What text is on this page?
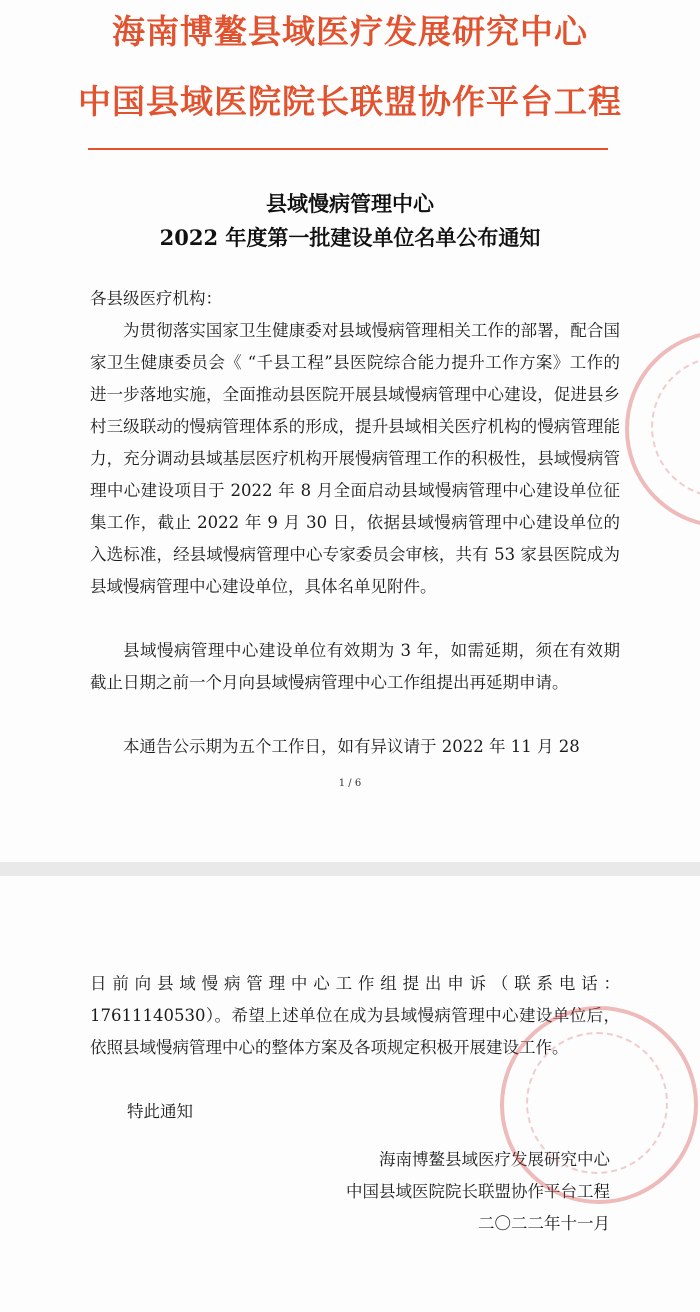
海南博鳌县域医疗发展研究中心
中国县域医院院长联盟协作平台工程
县域慢病管理中心
2022 年度第一批建设单位名单公布通知
各县级医疗机构：
为贯彻落实国家卫生健康委对县域慢病管理相关工作的部署，配合国家卫生健康委员会《 “千县工程”县医院综合能力提升工作方案》工作的进一步落地实施，全面推动县医院开展县域慢病管理中心建设，促进县乡村三级联动的慢病管理体系的形成，提升县域相关医疗机构的慢病管理能力，充分调动县域基层医疗机构开展慢病管理工作的积极性，县域慢病管理中心建设项目于 2022 年 8 月全面启动县域慢病管理中心建设单位征集工作，截止 2022 年 9 月 30 日，依据县域慢病管理中心建设单位的入选标准，经县域慢病管理中心专家委员会审核，共有 53 家县医院成为县域慢病管理中心建设单位，具体名单见附件。
县域慢病管理中心建设单位有效期为 3 年，如需延期，须在有效期截止日期之前一个月向县域慢病管理中心工作组提出再延期申请。
本通告公示期为五个工作日，如有异议请于 2022 年 11 月 28
1 / 6
日前向县域慢病管理中心工作组提出申诉（联系电话：17611140530）。希望上述单位在成为县域慢病管理中心建设单位后，依照县域慢病管理中心的整体方案及各项规定积极开展建设工作。
特此通知
海南博鳌县域医疗发展研究中心
中国县域医院院长联盟协作平台工程
二〇二二年十一月
